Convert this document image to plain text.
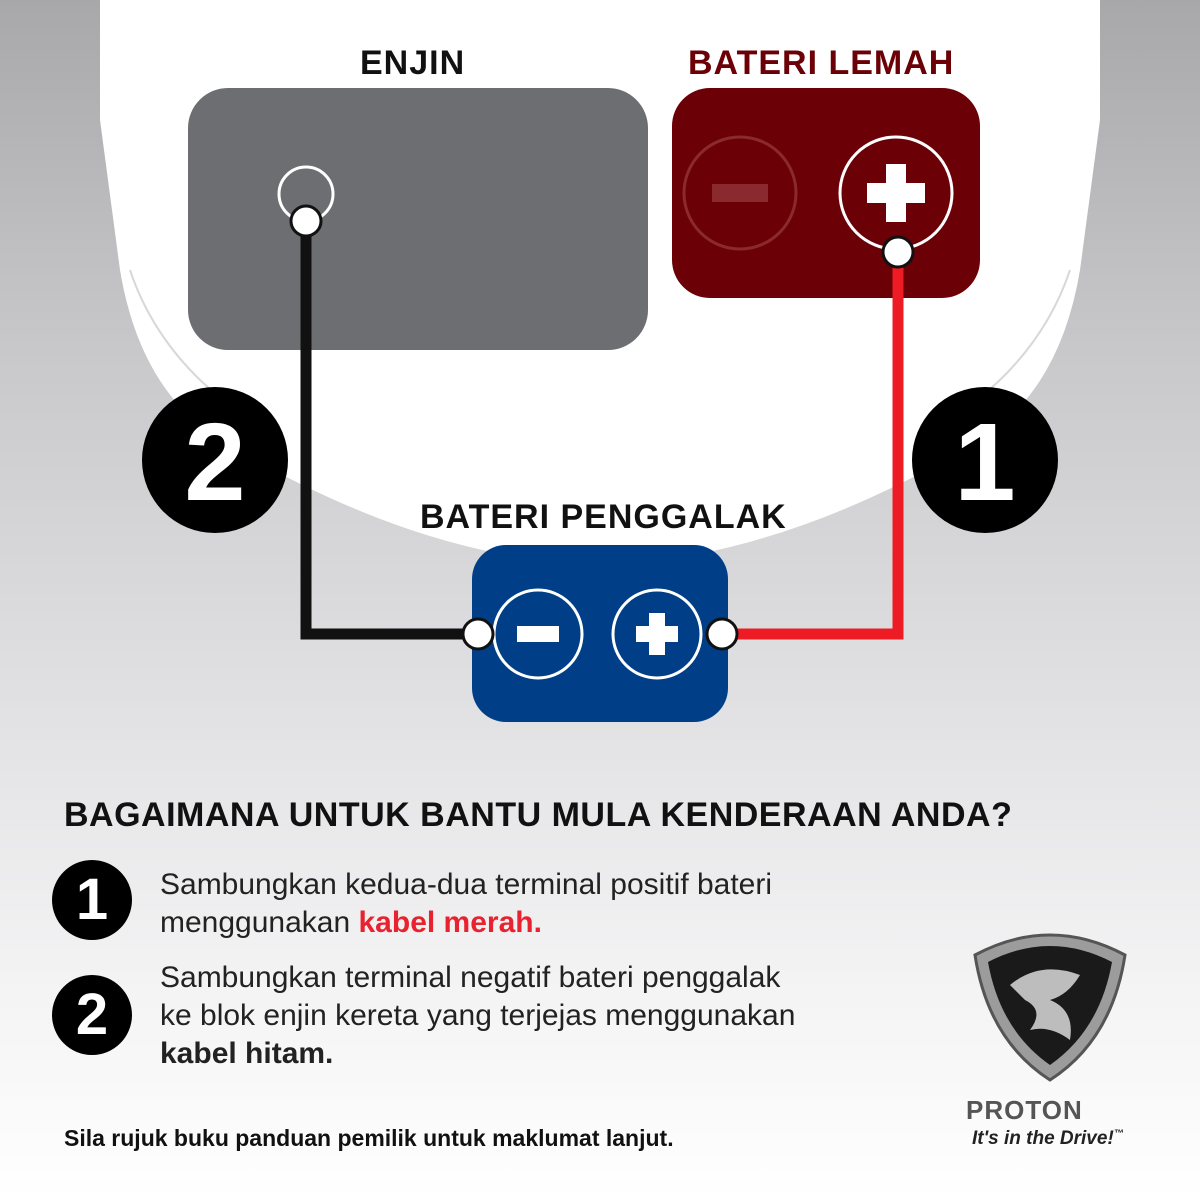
2	1
ENJIN	BATERI LEMAH
BATERI PENGGALAK
BAGAIMANA UNTUK BANTU MULA KENDERAAN ANDA?
1 Sambungkan kedua-dua terminal positif bateri
menggunakan kabel merah.
2
Sambungkan terminal negatif bateri penggalak
ke blok enjin kereta yang terjejas menggunakan
kabel hitam.
Sila rujuk buku panduan pemilik untuk maklumat lanjut.
PROTON
It's in the Drive!™
